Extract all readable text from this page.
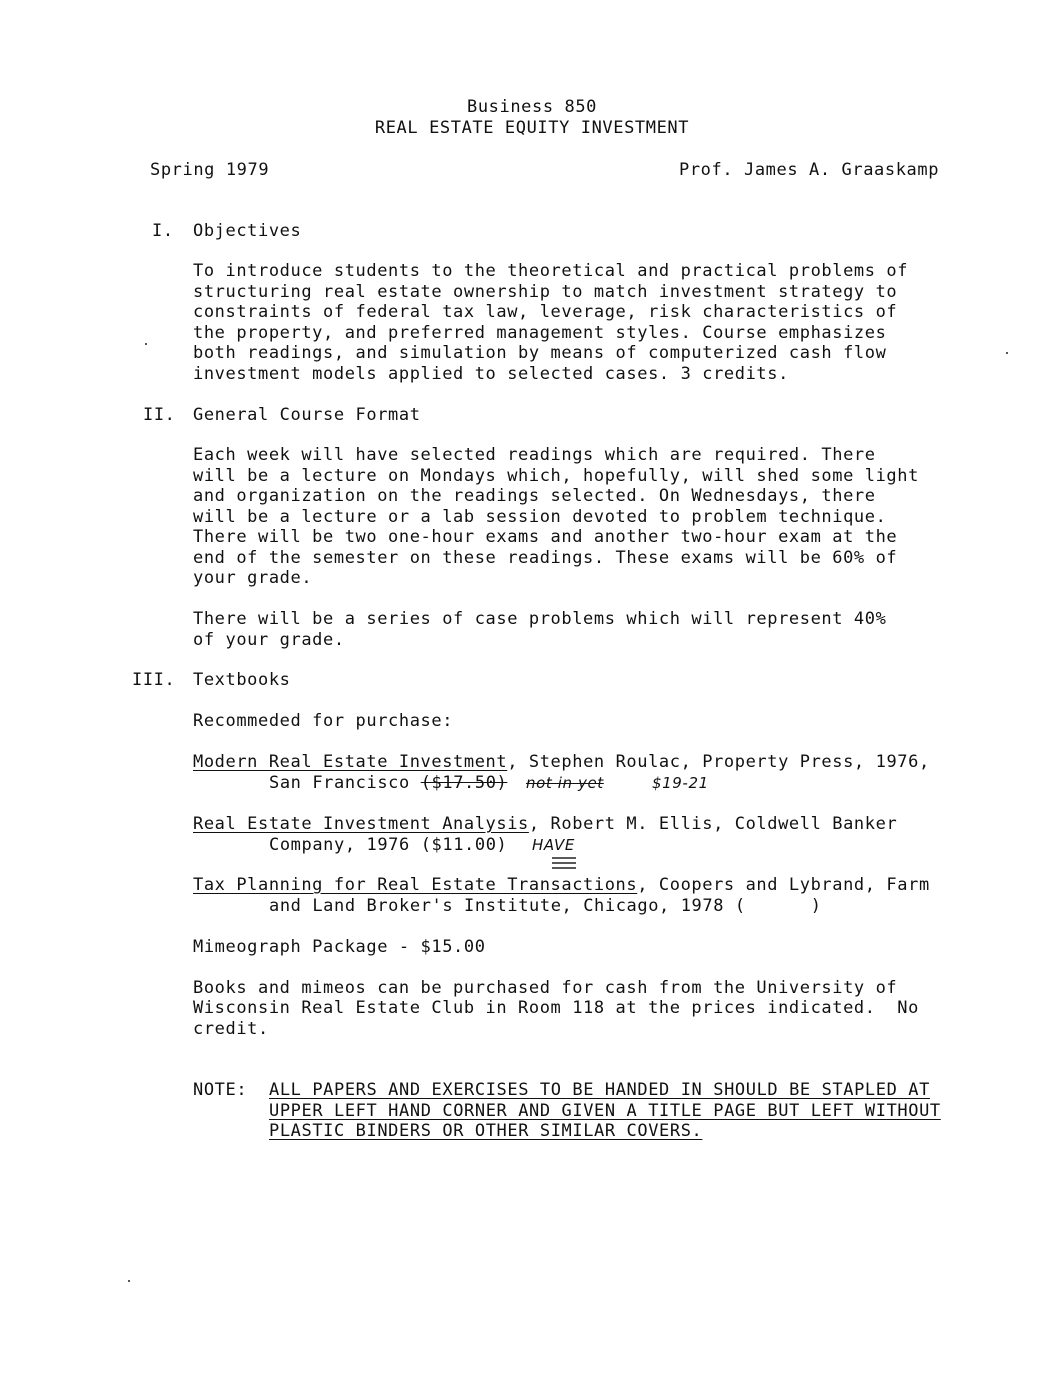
Business 850
REAL ESTATE EQUITY INVESTMENT
Spring 1979	Prof. James A. Graaskamp
I. Objectives
To introduce students to the theoretical and practical problems of
structuring real estate ownership to match investment strategy to
constraints of federal tax law, leverage, risk characteristics of
the property, and preferred management styles. Course emphasizes
both readings, and simulation by means of computerized cash flow
investment models applied to selected cases. 3 credits.
II. General Course Format
Each week will have selected readings which are required. There
will be a lecture on Mondays which, hopefully, will shed some light
and organization on the readings selected. On Wednesdays, there
will be a lecture or a lab session devoted to problem technique.
There will be two one-hour exams and another two-hour exam at the
end of the semester on these readings. These exams will be 60% of
your grade.
There will be a series of case problems which will represent 40%
of your grade.
III. Textbooks
Recommeded for purchase:
Modern Real Estate Investment, Stephen Roulac, Property Press, 1976,
San Francisco ($17.50) not in yet	$19-21
Real Estate Investment Analysis, Robert M. Ellis, Coldwell Banker
Company, 1976 ($11.00) HAVE
Tax Planning for Real Estate Transactions, Coopers and Lybrand, Farm
and Land Broker's Institute, Chicago, 1978 (      )
Mimeograph Package - $15.00
Books and mimeos can be purchased for cash from the University of
Wisconsin Real Estate Club in Room 118 at the prices indicated.  No
credit.
NOTE: ALL PAPERS AND EXERCISES TO BE HANDED IN SHOULD BE STAPLED AT
UPPER LEFT HAND CORNER AND GIVEN A TITLE PAGE BUT LEFT WITHOUT
PLASTIC BINDERS OR OTHER SIMILAR COVERS.
